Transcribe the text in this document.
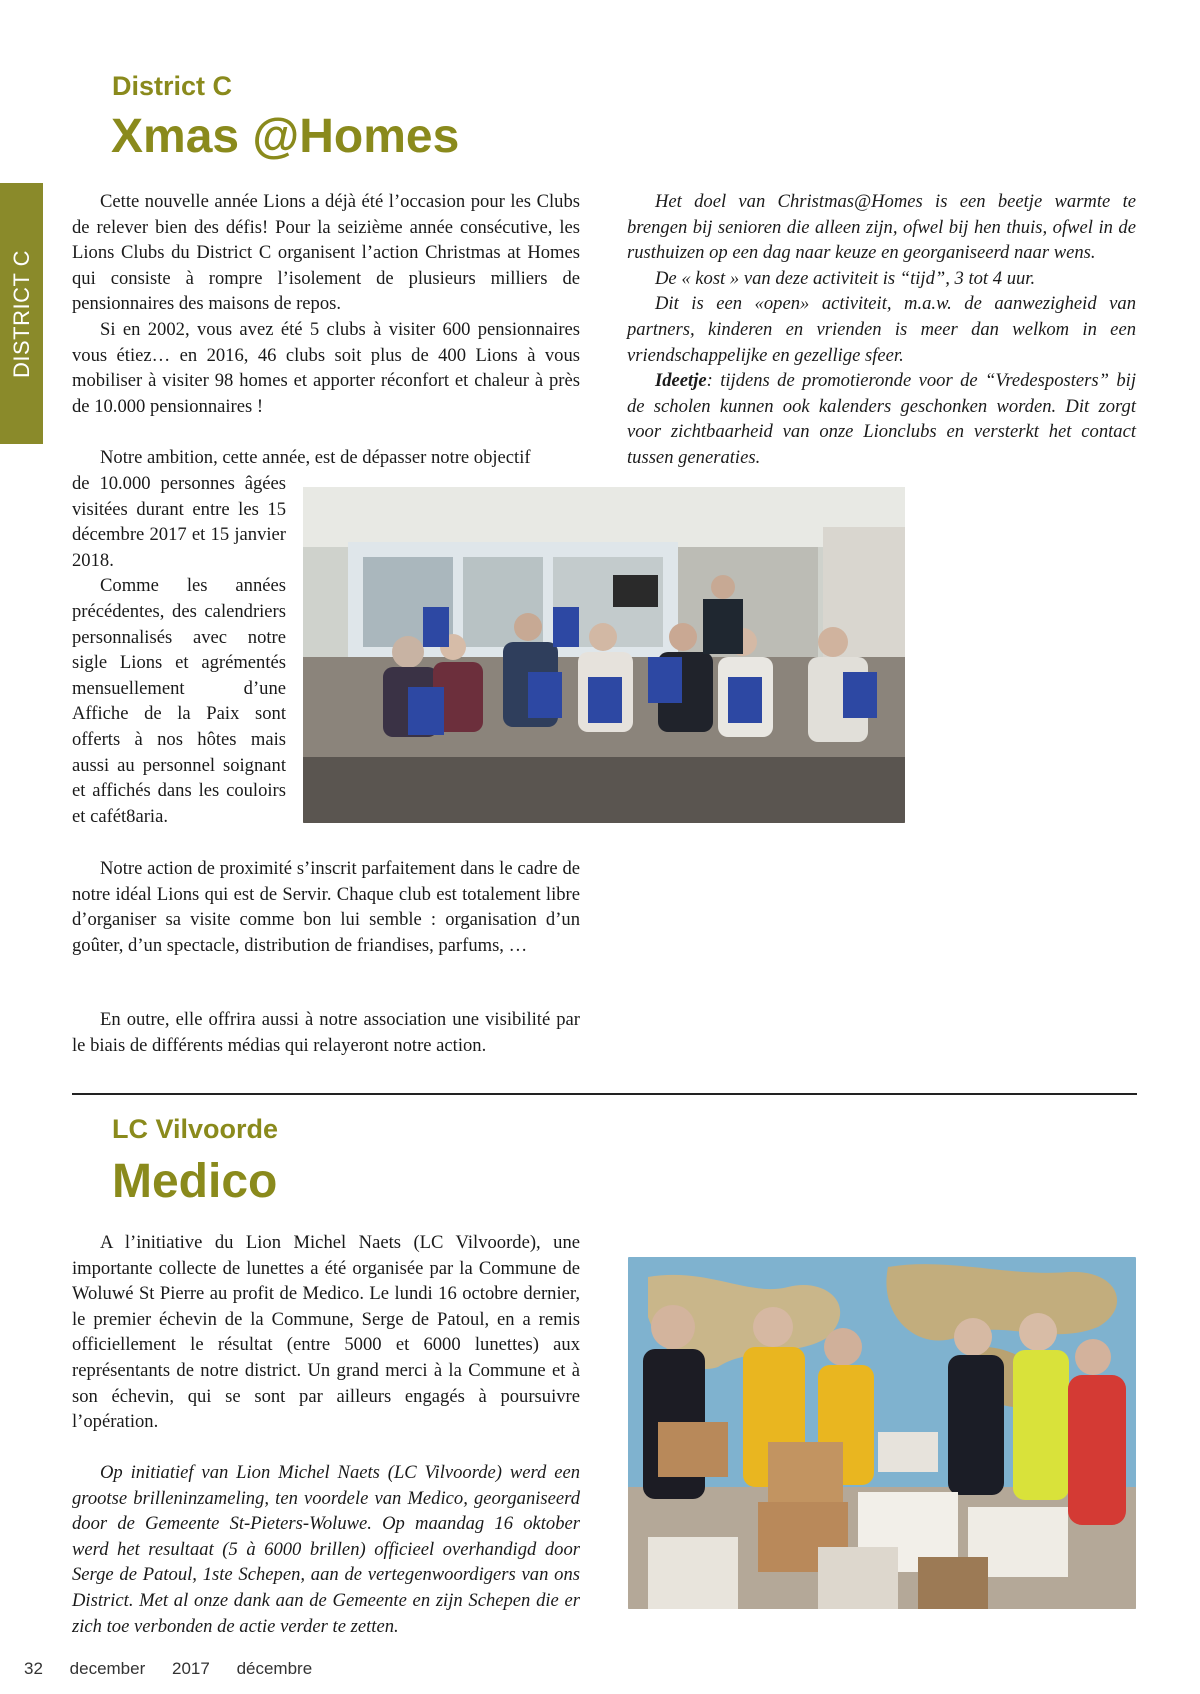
DISTRICT C
District C
Xmas @Homes

Cette nouvelle année Lions a déjà été l’occasion pour les Clubs de relever bien des défis! Pour la seizième année consécutive, les Lions Clubs du District C organisent l’action Christmas at Homes qui consiste à rompre l’isolement de plusieurs milliers de pensionnaires des maisons de repos.

Si en 2002, vous avez été 5 clubs à visiter 600 pensionnaires vous étiez… en 2016, 46 clubs soit plus de 400 Lions à vous mobiliser à visiter 98 homes et apporter réconfort et chaleur à près de 10.000 pensionnaires !

Notre ambition, cette année, est de dépasser notre objectif

de 10.000 personnes âgées visitées durant entre les 15 décembre 2017 et 15 janvier 2018.
Comme les années précédentes, des calendriers personnalisés avec notre sigle Lions et agrémentés mensuellement d’une Affiche de la Paix sont offerts à nos hôtes mais aussi au personnel soignant et affichés dans les couloirs et cafét8aria.

Notre action de proximité s’inscrit parfaitement dans le cadre de notre idéal Lions qui est de Servir. Chaque club est totalement libre d’organiser sa visite comme bon lui semble : organisation d’un goûter, d’un spectacle, distribution de friandises, parfums, …

En outre, elle offrira aussi à notre association une visibilité par le biais de différents médias qui relayeront notre action.

Het doel van Christmas@Homes is een beetje warmte te brengen bij senioren die alleen zijn, ofwel bij hen thuis, ofwel in de rusthuizen op een dag naar keuze en georganiseerd naar wens.

De « kost » van deze activiteit is “tijd”, 3 tot 4 uur.

Dit is een «open» activiteit, m.a.w. de aanwezigheid van partners, kinderen en vrienden is meer dan welkom in een vriendschappelijke en gezellige sfeer.

Ideetje: tijdens de promotieronde voor de “Vredesposters” bij de scholen kunnen ook kalenders geschonken worden. Dit zorgt voor zichtbaarheid van onze Lionclubs en versterkt het contact tussen generaties.

LC Vilvoorde
Medico

A l’initiative du Lion Michel Naets (LC Vilvoorde), une importante collecte de lunettes a été organisée par la Commune de Woluwé St Pierre au profit de Medico. Le lundi 16 octobre dernier, le premier échevin de la Commune, Serge de Patoul, en a remis officiellement le résultat (entre 5000 et 6000 lunettes) aux représentants de notre district. Un grand merci à la Commune et à son échevin, qui se sont par ailleurs engagés à poursuivre l’opération.

Op initiatief van Lion Michel Naets (LC Vilvoorde) werd een grootse brilleninzameling, ten voordele van Medico, georganiseerd door de Gemeente St-Pieters-Woluwe. Op maandag 16 oktober werd het resultaat (5 à 6000 brillen) officieel overhandigd door Serge de Patoul, 1ste Schepen, aan de vertegenwoordigers van ons District. Met al onze dank aan de Gemeente en zijn Schepen die er zich toe verbonden de actie verder te zetten.

32 december 2017 décembre
